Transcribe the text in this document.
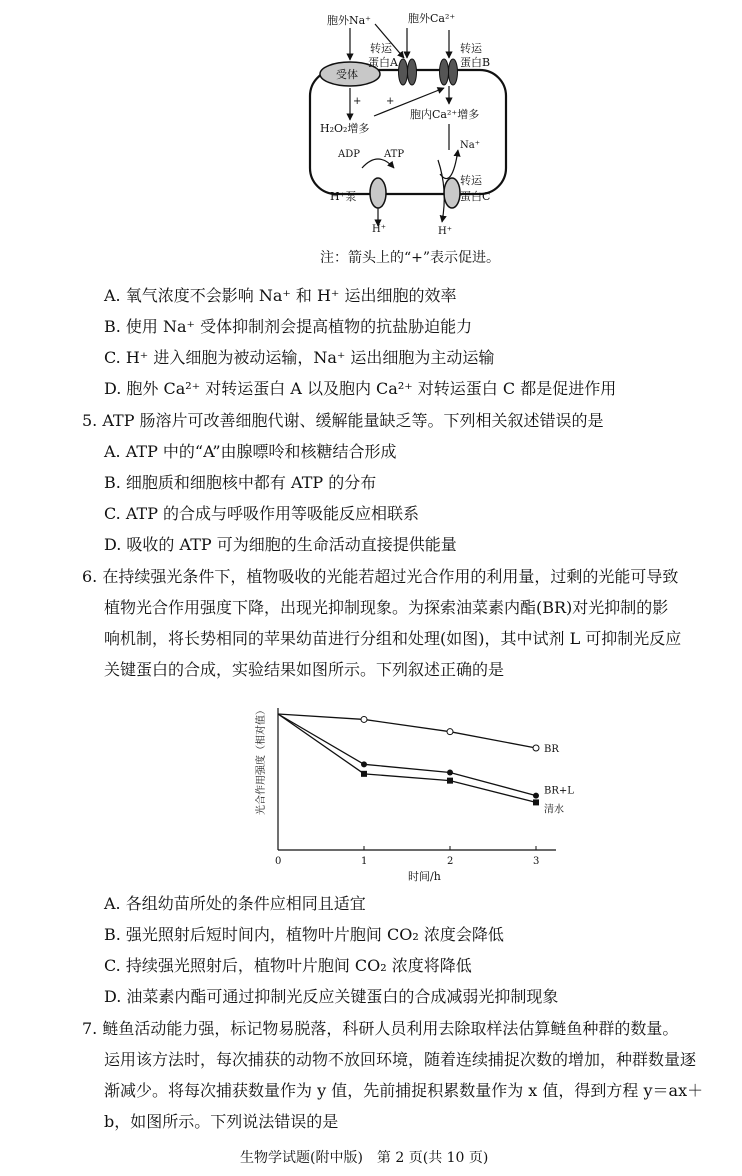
胞外Na⁺	胞外Ca²⁺
转运
蛋白A
转运
蛋白B
受体
+ +
H₂O₂增多
胞内Ca²⁺增多
ADP ATP
Na⁺
转运
蛋白C
H⁺泵
H⁺	H⁺
注：箭头上的“+”表示促进。
A. 氧气浓度不会影响 Na⁺ 和 H⁺ 运出细胞的效率
B. 使用 Na⁺ 受体抑制剂会提高植物的抗盐胁迫能力
C. H⁺ 进入细胞为被动运输，Na⁺ 运出细胞为主动运输
D. 胞外 Ca²⁺ 对转运蛋白 A 以及胞内 Ca²⁺ 对转运蛋白 C 都是促进作用
5. ATP 肠溶片可改善细胞代谢、缓解能量缺乏等。下列相关叙述错误的是
A. ATP 中的“A”由腺嘌呤和核糖结合形成
B. 细胞质和细胞核中都有 ATP 的分布
C. ATP 的合成与呼吸作用等吸能反应相联系
D. 吸收的 ATP 可为细胞的生命活动直接提供能量
6. 在持续强光条件下，植物吸收的光能若超过光合作用的利用量，过剩的光能可导致
植物光合作用强度下降，出现光抑制现象。为探索油菜素内酯(BR)对光抑制的影
响机制，将长势相同的苹果幼苗进行分组和处理(如图)，其中试剂 L 可抑制光反应
关键蛋白的合成，实验结果如图所示。下列叙述正确的是
0	1	2	3
BR
BR+L
清水
时间/h
光合作用强度（相对值）
A. 各组幼苗所处的条件应相同且适宜
B. 强光照射后短时间内，植物叶片胞间 CO₂ 浓度会降低
C. 持续强光照射后，植物叶片胞间 CO₂ 浓度将降低
D. 油菜素内酯可通过抑制光反应关键蛋白的合成减弱光抑制现象
7. 鲢鱼活动能力强，标记物易脱落，科研人员利用去除取样法估算鲢鱼种群的数量。
运用该方法时，每次捕获的动物不放回环境，随着连续捕捉次数的增加，种群数量逐
渐减少。将每次捕获数量作为 y 值，先前捕捉积累数量作为 x 值，得到方程 y＝ax＋
b，如图所示。下列说法错误的是
生物学试题(附中版)　第 2 页(共 10 页)
